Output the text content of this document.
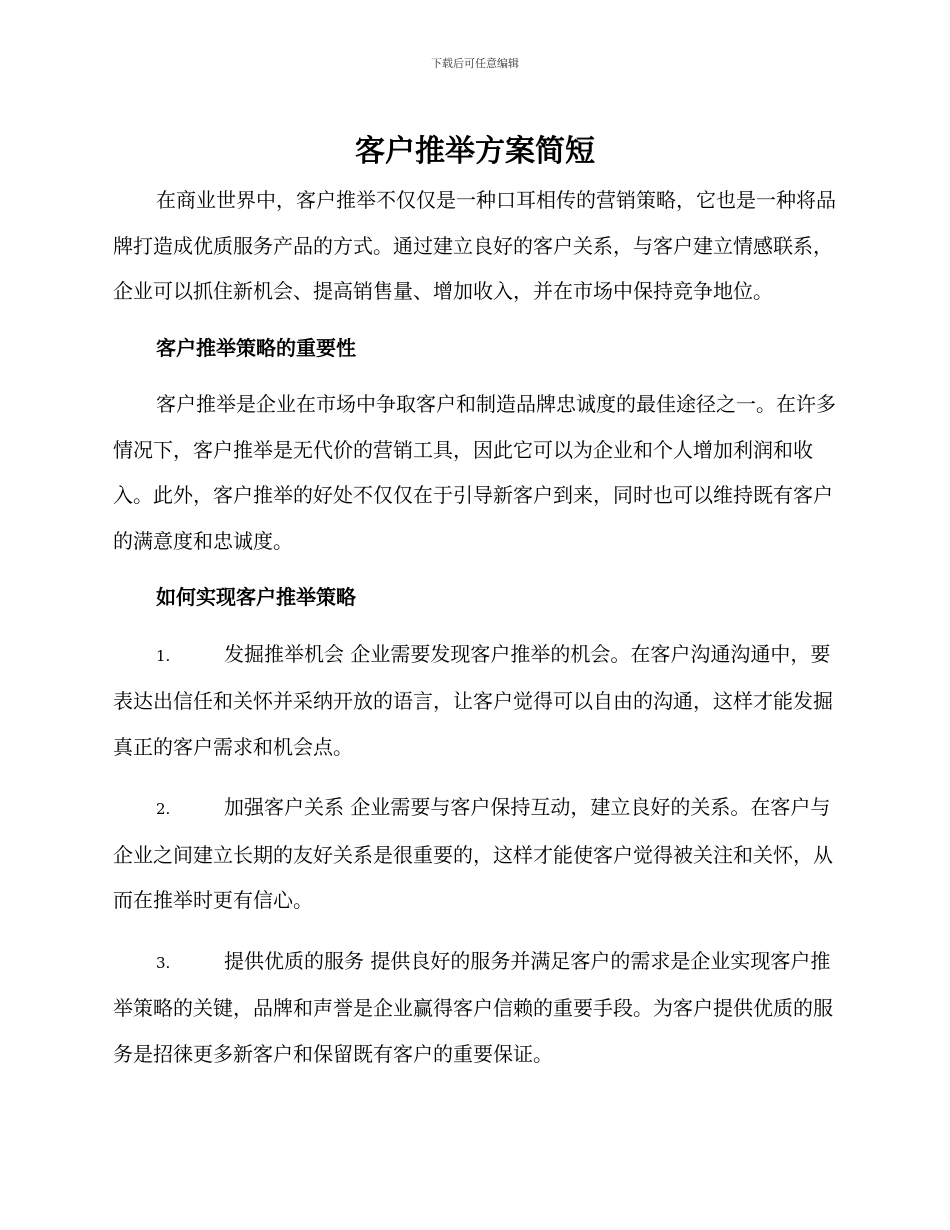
下载后可任意编辑
客户推举方案简短

在商业世界中，客户推举不仅仅是一种口耳相传的营销策略，它也是一种将品牌打造成优质服务产品的方式。通过建立良好的客户关系，与客户建立情感联系，企业可以抓住新机会、提高销售量、增加收入，并在市场中保持竞争地位。

客户推举策略的重要性

客户推举是企业在市场中争取客户和制造品牌忠诚度的最佳途径之一。在许多情况下，客户推举是无代价的营销工具，因此它可以为企业和个人增加利润和收入。此外，客户推举的好处不仅仅在于引导新客户到来，同时也可以维持既有客户的满意度和忠诚度。

如何实现客户推举策略

1.	发掘推举机会 企业需要发现客户推举的机会。在客户沟通沟通中，要表达出信任和关怀并采纳开放的语言，让客户觉得可以自由的沟通，这样才能发掘真正的客户需求和机会点。

2.	加强客户关系 企业需要与客户保持互动，建立良好的关系。在客户与企业之间建立长期的友好关系是很重要的，这样才能使客户觉得被关注和关怀，从而在推举时更有信心。

3.	提供优质的服务 提供良好的服务并满足客户的需求是企业实现客户推举策略的关键，品牌和声誉是企业赢得客户信赖的重要手段。为客户提供优质的服务是招徕更多新客户和保留既有客户的重要保证。
